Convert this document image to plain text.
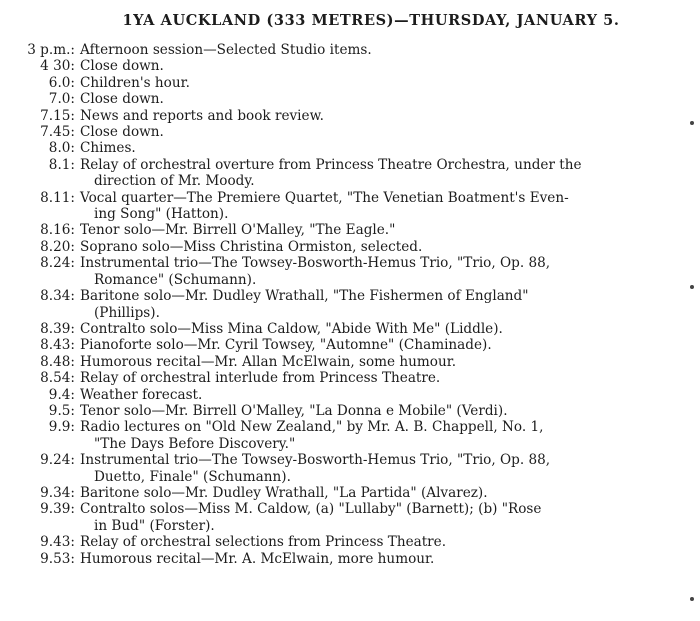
1YA AUCKLAND (333 METRES)—THURSDAY, JANUARY 5.
3 p.m.: Afternoon session—Selected Studio items.
4 30: Close down.
6.0: Children's hour.
7.0: Close down.
7.15: News and reports and book review.
7.45: Close down.
8.0: Chimes.
8.1: Relay of orchestral overture from Princess Theatre Orchestra, under the
direction of Mr. Moody.
8.11: Vocal quarter—The Premiere Quartet, "The Venetian Boatment's Even-
ing Song" (Hatton).
8.16: Tenor solo—Mr. Birrell O'Malley, "The Eagle."
8.20: Soprano solo—Miss Christina Ormiston, selected.
8.24: Instrumental trio—The Towsey-Bosworth-Hemus Trio, "Trio, Op. 88,
Romance" (Schumann).
8.34: Baritone solo—Mr. Dudley Wrathall, "The Fishermen of England"
(Phillips).
8.39: Contralto solo—Miss Mina Caldow, "Abide With Me" (Liddle).
8.43: Pianoforte solo—Mr. Cyril Towsey, "Automne" (Chaminade).
8.48: Humorous recital—Mr. Allan McElwain, some humour.
8.54: Relay of orchestral interlude from Princess Theatre.
9.4: Weather forecast.
9.5: Tenor solo—Mr. Birrell O'Malley, "La Donna e Mobile" (Verdi).
9.9: Radio lectures on "Old New Zealand," by Mr. A. B. Chappell, No. 1,
"The Days Before Discovery."
9.24: Instrumental trio—The Towsey-Bosworth-Hemus Trio, "Trio, Op. 88,
Duetto, Finale" (Schumann).
9.34: Baritone solo—Mr. Dudley Wrathall, "La Partida" (Alvarez).
9.39: Contralto solos—Miss M. Caldow, (a) "Lullaby" (Barnett); (b) "Rose
in Bud" (Forster).
9.43: Relay of orchestral selections from Princess Theatre.
9.53: Humorous recital—Mr. A. McElwain, more humour.
